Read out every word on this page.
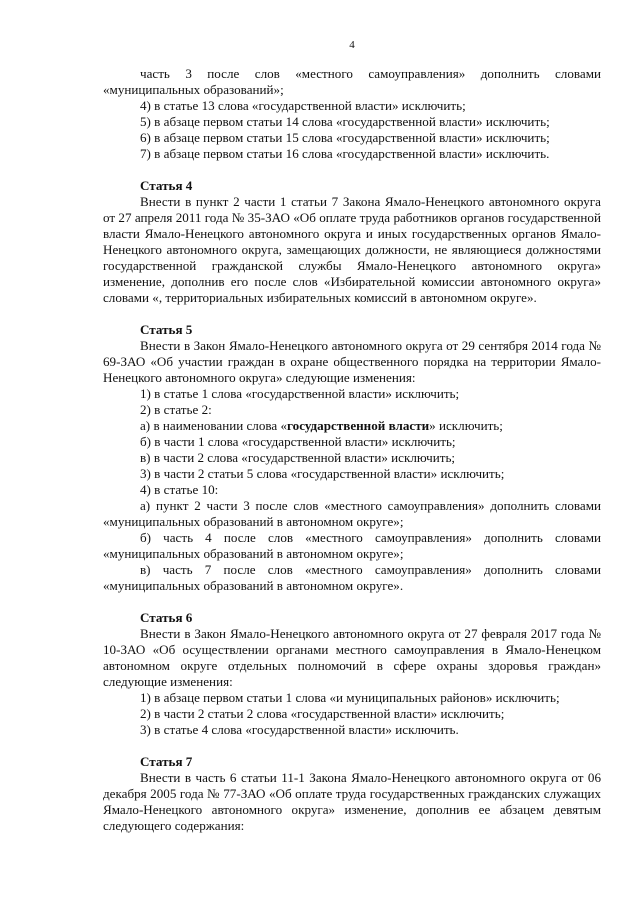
4

часть 3 после слов «местного самоуправления» дополнить словами «муниципальных образований»;

4) в статье 13 слова «государственной власти» исключить;

5) в абзаце первом статьи 14 слова «государственной власти» исключить;

6) в абзаце первом статьи 15 слова «государственной власти» исключить;

7) в абзаце первом статьи 16 слова «государственной власти» исключить.

Статья 4

Внести в пункт 2 части 1 статьи 7 Закона Ямало-Ненецкого автономного округа от 27 апреля 2011 года № 35-ЗАО «Об оплате труда работников органов государственной власти Ямало-Ненецкого автономного округа и иных государственных органов Ямало-Ненецкого автономного округа, замещающих должности, не являющиеся должностями государственной гражданской службы Ямало-Ненецкого автономного округа» изменение, дополнив его после слов «Избирательной комиссии автономного округа» словами «, территориальных избирательных комиссий в автономном округе».

Статья 5

Внести в Закон Ямало-Ненецкого автономного округа от 29 сентября 2014 года № 69-ЗАО «Об участии граждан в охране общественного порядка на территории Ямало-Ненецкого автономного округа» следующие изменения:

1) в статье 1 слова «государственной власти» исключить;

2) в статье 2:

а) в наименовании слова «государственной власти» исключить;

б) в части 1 слова «государственной власти» исключить;

в) в части 2 слова «государственной власти» исключить;

3) в части 2 статьи 5 слова «государственной власти» исключить;

4) в статье 10:

а) пункт 2 части 3 после слов «местного самоуправления» дополнить словами «муниципальных образований в автономном округе»;

б) часть 4 после слов «местного самоуправления» дополнить словами «муниципальных образований в автономном округе»;

в) часть 7 после слов «местного самоуправления» дополнить словами «муниципальных образований в автономном округе».

Статья 6

Внести в Закон Ямало-Ненецкого автономного округа от 27 февраля 2017 года № 10-ЗАО «Об осуществлении органами местного самоуправления в Ямало-Ненецком автономном округе отдельных полномочий в сфере охраны здоровья граждан» следующие изменения:

1) в абзаце первом статьи 1 слова «и муниципальных районов» исключить;

2) в части 2 статьи 2 слова «государственной власти» исключить;

3) в статье 4 слова «государственной власти» исключить.

Статья 7

Внести в часть 6 статьи 11-1 Закона Ямало-Ненецкого автономного округа от 06 декабря 2005 года № 77-ЗАО «Об оплате труда государственных гражданских служащих Ямало-Ненецкого автономного округа» изменение, дополнив ее абзацем девятым следующего содержания:
